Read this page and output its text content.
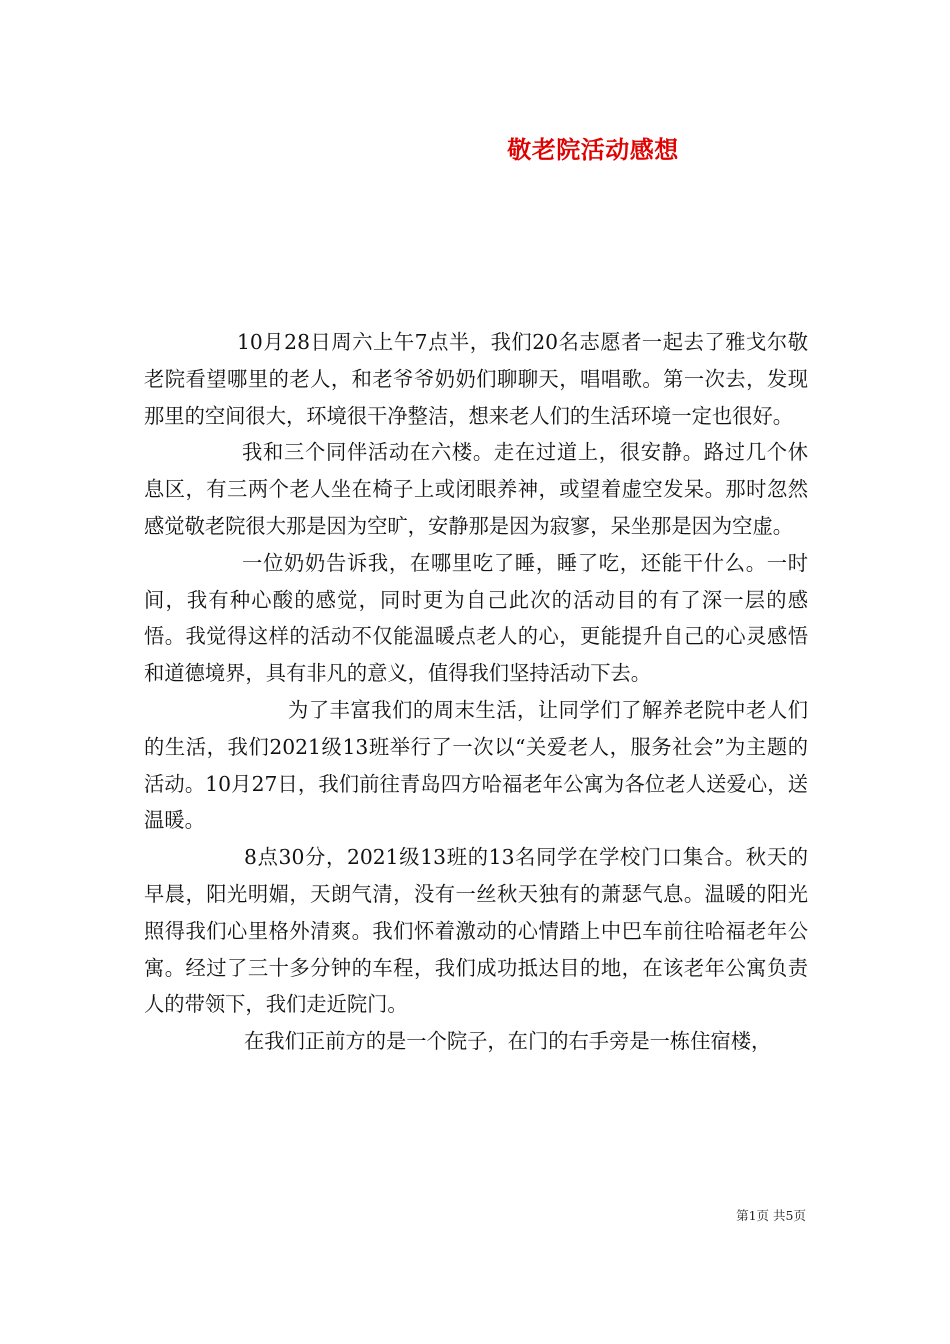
敬老院活动感想

10月28日周六上午7点半，我们20名志愿者一起去了雅戈尔敬老院看望哪里的老人，和老爷爷奶奶们聊聊天，唱唱歌。第一次去，发现那里的空间很大，环境很干净整洁，想来老人们的生活环境一定也很好。

我和三个同伴活动在六楼。走在过道上，很安静。路过几个休息区，有三两个老人坐在椅子上或闭眼养神，或望着虚空发呆。那时忽然感觉敬老院很大那是因为空旷，安静那是因为寂寥，呆坐那是因为空虚。

一位奶奶告诉我，在哪里吃了睡，睡了吃，还能干什么。一时间，我有种心酸的感觉，同时更为自己此次的活动目的有了深一层的感悟。我觉得这样的活动不仅能温暖点老人的心，更能提升自己的心灵感悟和道德境界，具有非凡的意义，值得我们坚持活动下去。

为了丰富我们的周末生活，让同学们了解养老院中老人们的生活，我们2021级13班举行了一次以“关爱老人，服务社会”为主题的活动。10月27日，我们前往青岛四方哈福老年公寓为各位老人送爱心，送温暖。

8点30分，2021级13班的13名同学在学校门口集合。秋天的早晨，阳光明媚，天朗气清，没有一丝秋天独有的萧瑟气息。温暖的阳光照得我们心里格外清爽。我们怀着激动的心情踏上中巴车前往哈福老年公寓。经过了三十多分钟的车程，我们成功抵达目的地，在该老年公寓负责人的带领下，我们走近院门。

在我们正前方的是一个院子，在门的右手旁是一栋住宿楼，

第1页 共5页
